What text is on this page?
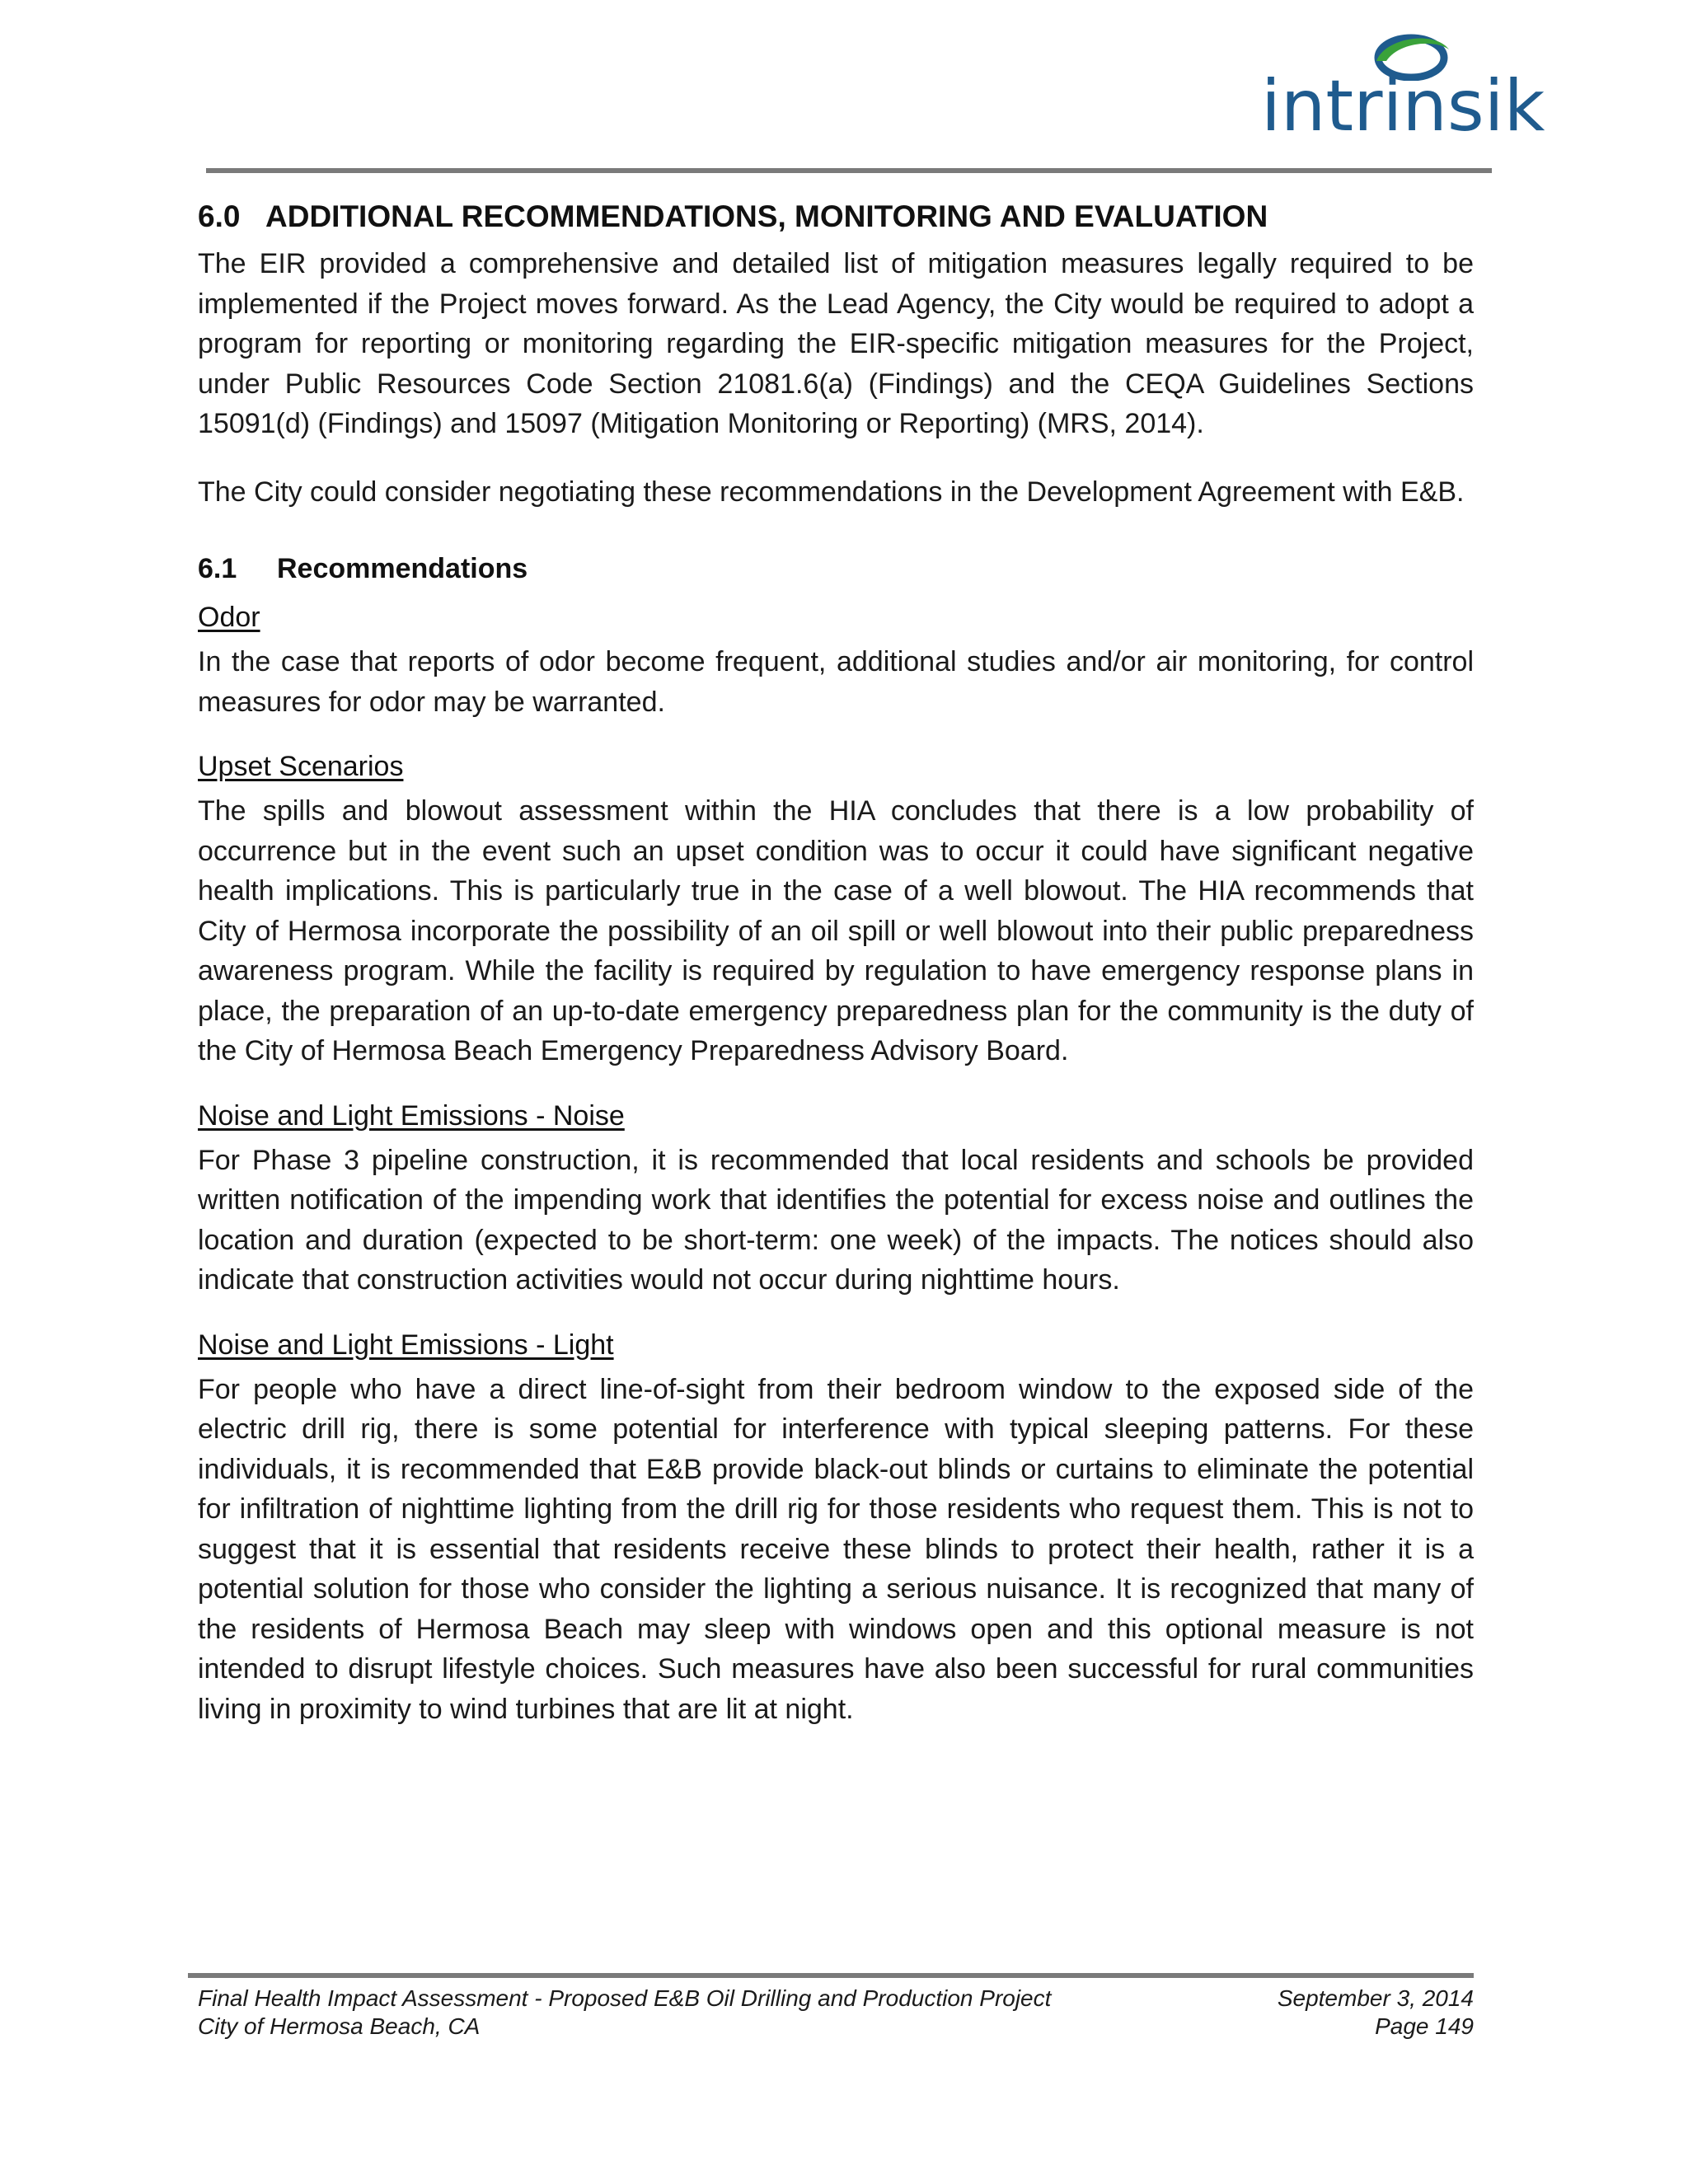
intrinsik
6.0 ADDITIONAL RECOMMENDATIONS, MONITORING AND EVALUATION

The EIR provided a comprehensive and detailed list of mitigation measures legally required to be implemented if the Project moves forward. As the Lead Agency, the City would be required to adopt a program for reporting or monitoring regarding the EIR-specific mitigation measures for the Project, under Public Resources Code Section 21081.6(a) (Findings) and the CEQA Guidelines Sections 15091(d) (Findings) and 15097 (Mitigation Monitoring or Reporting) (MRS, 2014).

The City could consider negotiating these recommendations in the Development Agreement with E&B.

6.1 Recommendations
Odor

In the case that reports of odor become frequent, additional studies and/or air monitoring, for control measures for odor may be warranted.

Upset Scenarios

The spills and blowout assessment within the HIA concludes that there is a low probability of occurrence but in the event such an upset condition was to occur it could have significant negative health implications. This is particularly true in the case of a well blowout. The HIA recommends that City of Hermosa incorporate the possibility of an oil spill or well blowout into their public preparedness awareness program. While the facility is required by regulation to have emergency response plans in place, the preparation of an up-to-date emergency preparedness plan for the community is the duty of the City of Hermosa Beach Emergency Preparedness Advisory Board.

Noise and Light Emissions - Noise

For Phase 3 pipeline construction, it is recommended that local residents and schools be provided written notification of the impending work that identifies the potential for excess noise and outlines the location and duration (expected to be short-term: one week) of the impacts. The notices should also indicate that construction activities would not occur during nighttime hours.

Noise and Light Emissions - Light

For people who have a direct line-of-sight from their bedroom window to the exposed side of the electric drill rig, there is some potential for interference with typical sleeping patterns. For these individuals, it is recommended that E&B provide black-out blinds or curtains to eliminate the potential for infiltration of nighttime lighting from the drill rig for those residents who request them. This is not to suggest that it is essential that residents receive these blinds to protect their health, rather it is a potential solution for those who consider the lighting a serious nuisance. It is recognized that many of the residents of Hermosa Beach may sleep with windows open and this optional measure is not intended to disrupt lifestyle choices. Such measures have also been successful for rural communities living in proximity to wind turbines that are lit at night.

Final Health Impact Assessment - Proposed E&B Oil Drilling and Production Project	September 3, 2014
City of Hermosa Beach, CA	Page 149
